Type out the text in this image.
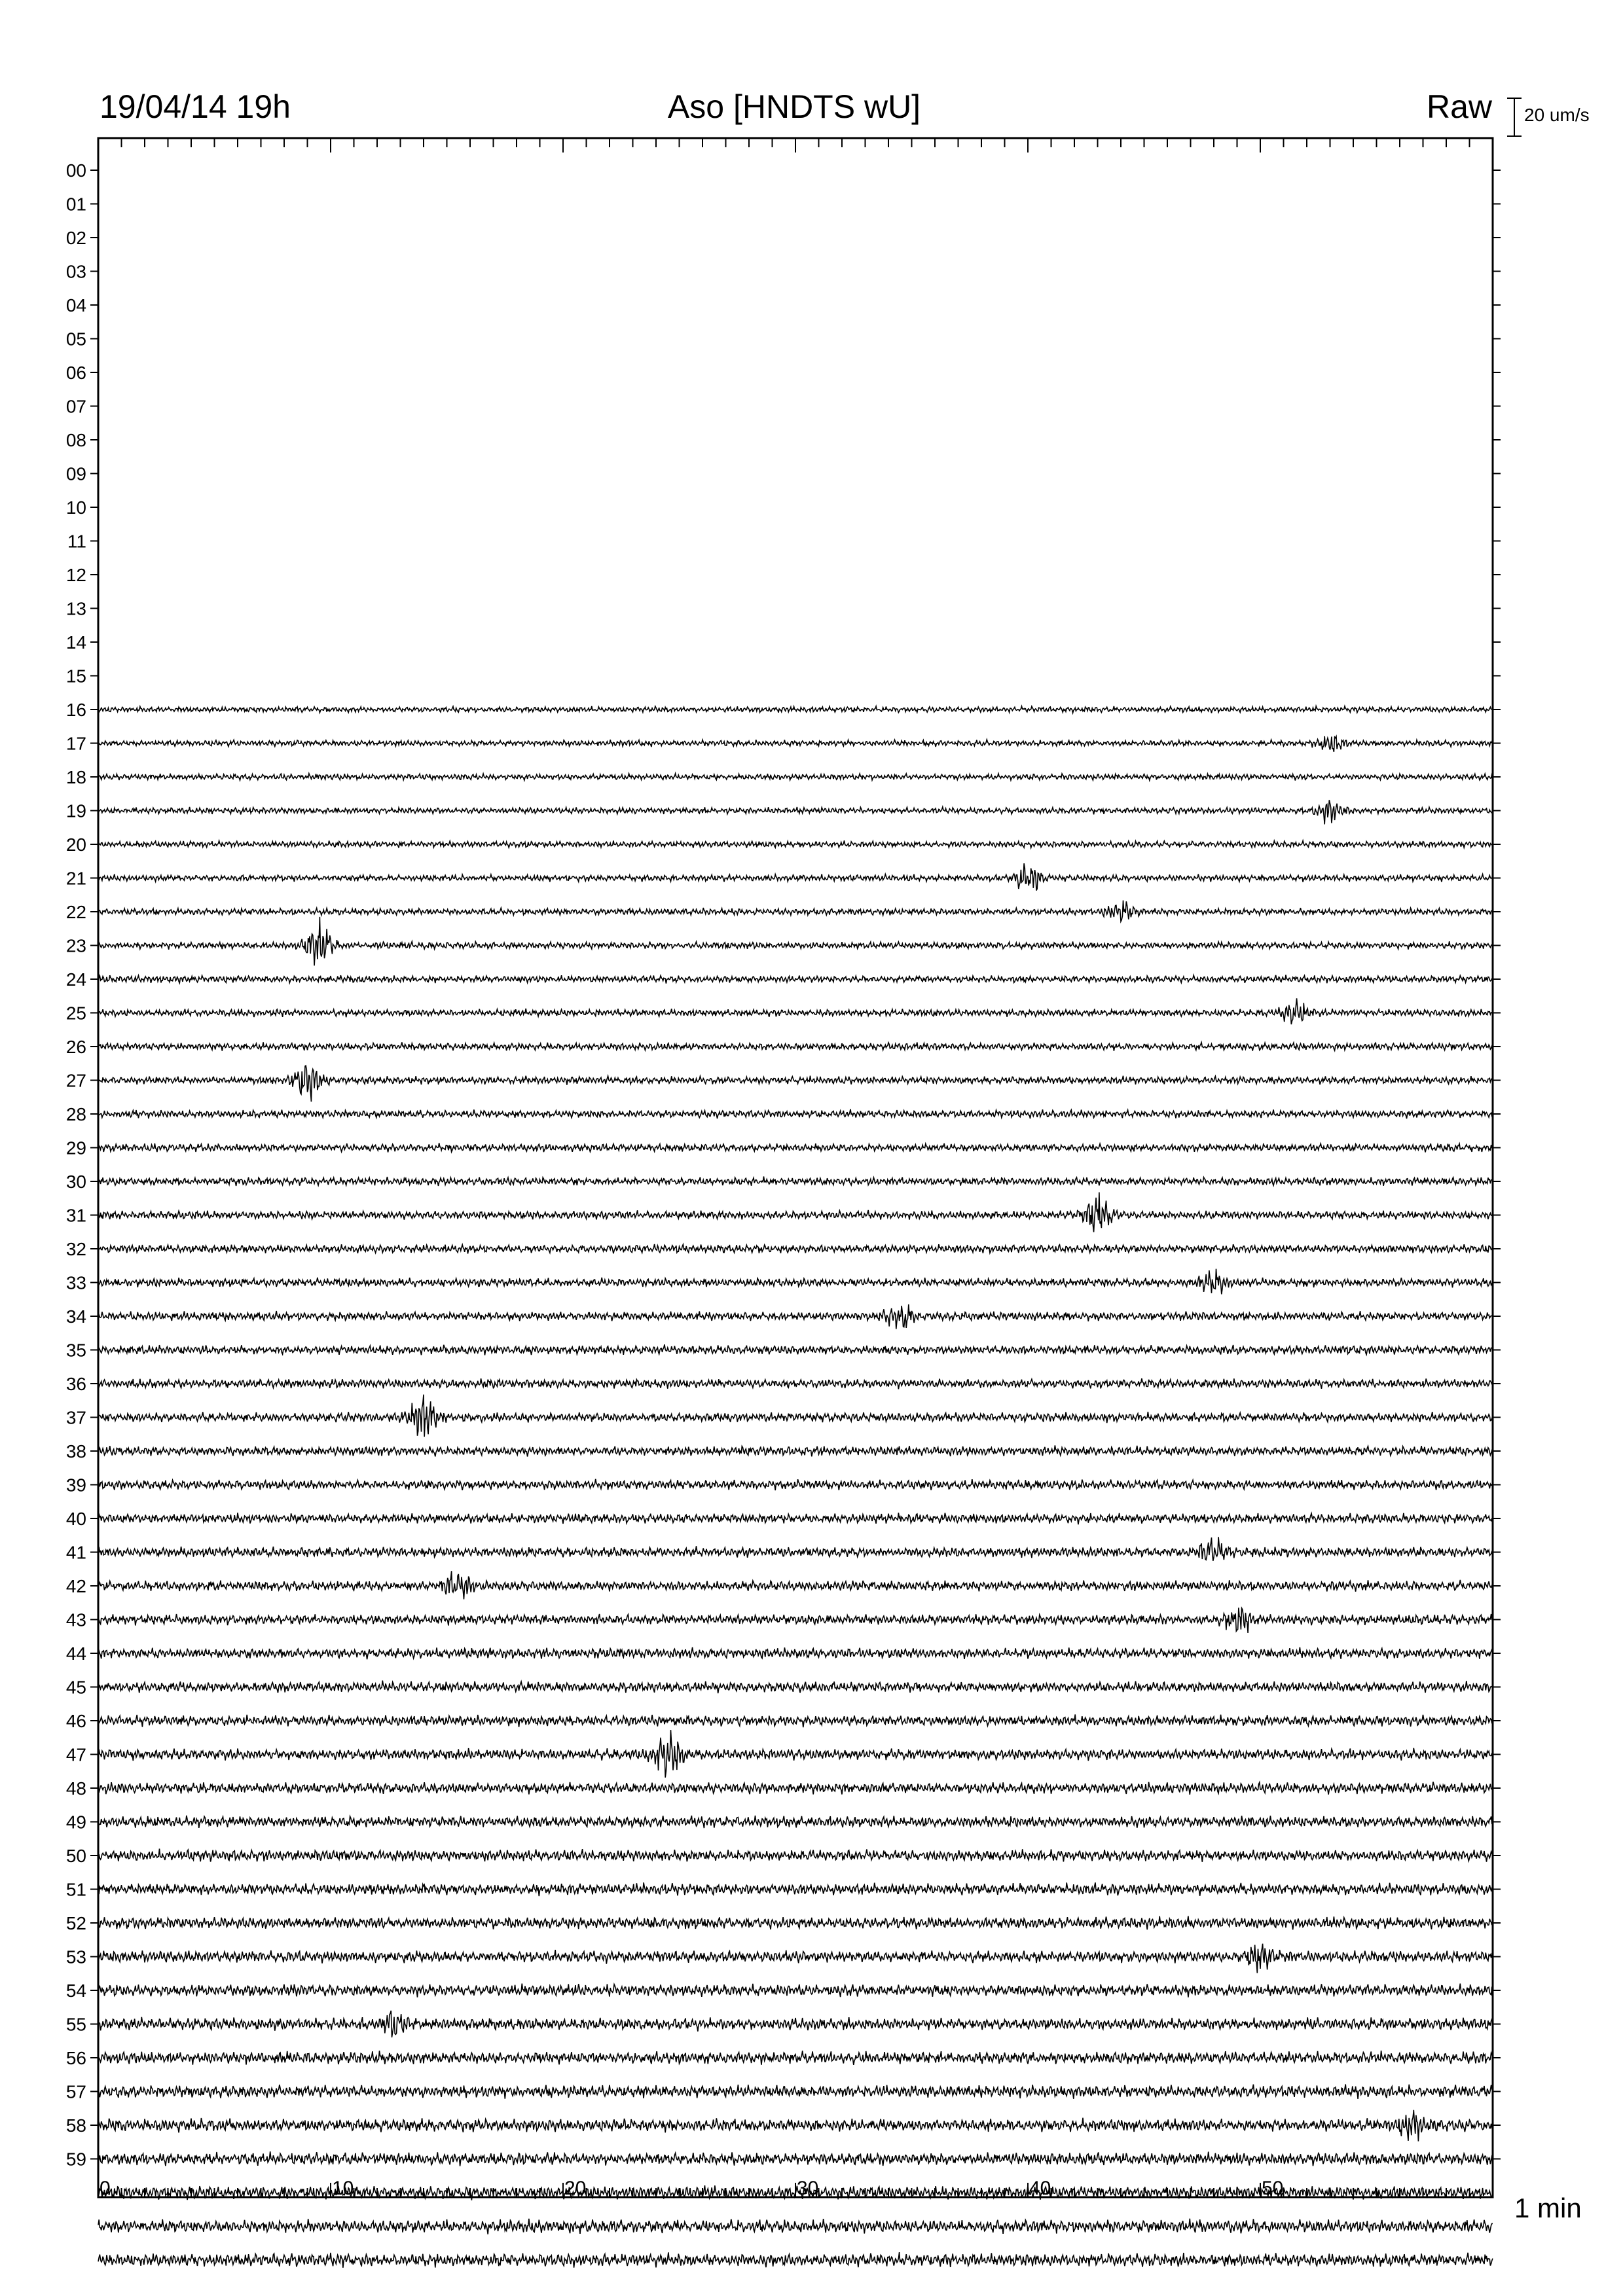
19/04/14 19h	Aso [HNDTS wU]	Raw 20 um/s
1 min
00
01
02
03
04
05
06
07
08
09
10
11
12
13
14
15
16
17
18
19
20
21
22
23
24
25
26
27
28
29
30
31
32
33
34
35
36
37
38
39
40
41
42
43
44
45
46
47
48
49
50
51
52
53
54
55
56
57
58
59
0	10	20	30	40	50
